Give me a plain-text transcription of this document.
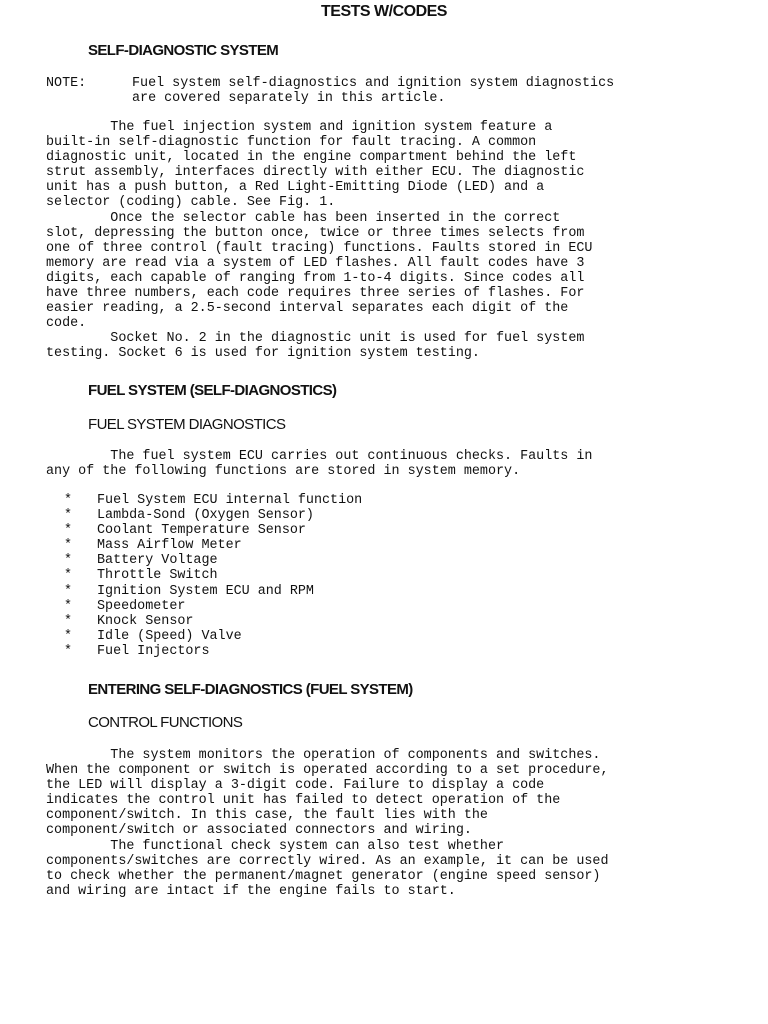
TESTS W/CODES
SELF-DIAGNOSTIC SYSTEM
NOTE:	Fuel system self-diagnostics and ignition system diagnostics
are covered separately in this article.
The fuel injection system and ignition system feature a
built-in self-diagnostic function for fault tracing. A common
diagnostic unit, located in the engine compartment behind the left
strut assembly, interfaces directly with either ECU. The diagnostic
unit has a push button, a Red Light-Emitting Diode (LED) and a
selector (coding) cable. See Fig. 1.
Once the selector cable has been inserted in the correct
slot, depressing the button once, twice or three times selects from
one of three control (fault tracing) functions. Faults stored in ECU
memory are read via a system of LED flashes. All fault codes have 3
digits, each capable of ranging from 1-to-4 digits. Since codes all
have three numbers, each code requires three series of flashes. For
easier reading, a 2.5-second interval separates each digit of the
code.
Socket No. 2 in the diagnostic unit is used for fuel system
testing. Socket 6 is used for ignition system testing.
FUEL SYSTEM (SELF-DIAGNOSTICS)
FUEL SYSTEM DIAGNOSTICS
The fuel system ECU carries out continuous checks. Faults in
any of the following functions are stored in system memory.
* Fuel System ECU internal function
* Lambda-Sond (Oxygen Sensor)
* Coolant Temperature Sensor
* Mass Airflow Meter
* Battery Voltage
* Throttle Switch
* Ignition System ECU and RPM
* Speedometer
* Knock Sensor
* Idle (Speed) Valve
* Fuel Injectors
ENTERING SELF-DIAGNOSTICS (FUEL SYSTEM)
CONTROL FUNCTIONS
The system monitors the operation of components and switches.
When the component or switch is operated according to a set procedure,
the LED will display a 3-digit code. Failure to display a code
indicates the control unit has failed to detect operation of the
component/switch. In this case, the fault lies with the
component/switch or associated connectors and wiring.
The functional check system can also test whether
components/switches are correctly wired. As an example, it can be used
to check whether the permanent/magnet generator (engine speed sensor)
and wiring are intact if the engine fails to start.
